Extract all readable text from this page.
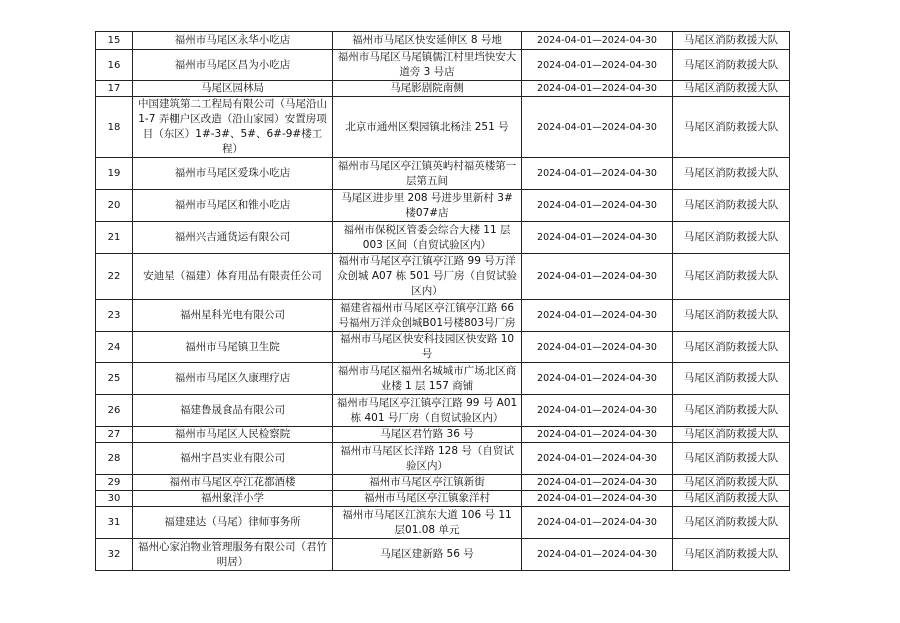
15	福州市马尾区永华小吃店	福州市马尾区快安延伸区 8 号地	2024-04-01—2024-04-30	马尾区消防救援大队
16	福州市马尾区昌为小吃店	福州市马尾区马尾镇儒江村里垱快安大道旁 3 号店	2024-04-01—2024-04-30	马尾区消防救援大队
17	马尾区园林局	马尾影剧院南侧	2024-04-01—2024-04-30	马尾区消防救援大队
18	中国建筑第二工程局有限公司（马尾沿山1-7 弄棚户区改造（沿山家园）安置房项目（东区）1#-3#、5#、6#-9#楼工程）	北京市通州区梨园镇北杨洼 251 号	2024-04-01—2024-04-30	马尾区消防救援大队
19	福州市马尾区爱珠小吃店	福州市马尾区亭江镇英屿村福英楼第一层第五间	2024-04-01—2024-04-30	马尾区消防救援大队
20	福州市马尾区和锥小吃店	马尾区进步里 208 号进步里新村 3#楼07#店	2024-04-01—2024-04-30	马尾区消防救援大队
21	福州兴吉通货运有限公司	福州市保税区管委会综合大楼 11 层003 区间（自贸试验区内）	2024-04-01—2024-04-30	马尾区消防救援大队
22	安迪星（福建）体育用品有限责任公司	福州市马尾区亭江镇亭江路 99 号万洋众创城 A07 栋 501 号厂房（自贸试验区内）	2024-04-01—2024-04-30	马尾区消防救援大队
23	福州星科光电有限公司	福建省福州市马尾区亭江镇亭江路 66号福州万洋众创城B01号楼803号厂房	2024-04-01—2024-04-30	马尾区消防救援大队
24	福州市马尾镇卫生院	福州市马尾区快安科技园区快安路 10 号	2024-04-01—2024-04-30	马尾区消防救援大队
25	福州市马尾区久康理疗店	福州市马尾区福州名城城市广场北区商业楼 1 层 157 商铺	2024-04-01—2024-04-30	马尾区消防救援大队
26	福建鲁晟食品有限公司	福州市马尾区亭江镇亭江路 99 号 A01栋 401 号厂房（自贸试验区内）	2024-04-01—2024-04-30	马尾区消防救援大队
27	福州市马尾区人民检察院	马尾区君竹路 36 号	2024-04-01—2024-04-30	马尾区消防救援大队
28	福州宇昌实业有限公司	福州市马尾区长洋路 128 号（自贸试验区内）	2024-04-01—2024-04-30	马尾区消防救援大队
29	福州市马尾区亭江花都酒楼	福州市马尾区亭江镇新街	2024-04-01—2024-04-30	马尾区消防救援大队
30	福州象洋小学	福州市马尾区亭江镇象洋村	2024-04-01—2024-04-30	马尾区消防救援大队
31	福建建达（马尾）律师事务所	福州市马尾区江滨东大道 106 号 11 层01.08 单元	2024-04-01—2024-04-30	马尾区消防救援大队
32	福州心家泊物业管理服务有限公司（君竹明居）	马尾区建新路 56 号	2024-04-01—2024-04-30	马尾区消防救援大队
